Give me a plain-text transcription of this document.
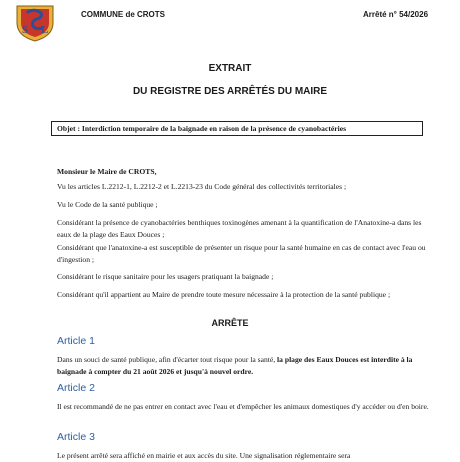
S L
COMMUNE de CROTS	Arrêté n° 54/2026
EXTRAIT
DU REGISTRE DES ARRÊTÉS DU MAIRE
Objet : Interdiction temporaire de la baignade en raison de la présence de cyanobactéries
Monsieur le Maire de CROTS,
Vu les articles L.2212-1, L.2212-2 et L.2213-23 du Code général des collectivités territoriales ;
Vu le Code de la santé publique ;
Considérant la présence de cyanobactéries benthiques toxinogènes amenant à la quantification de l'Anatoxine-a dans les eaux de la plage des Eaux Douces ;
Considérant que l'anatoxine-a est susceptible de présenter un risque pour la santé humaine en cas de contact avec l'eau ou d'ingestion ;
Considérant le risque sanitaire pour les usagers pratiquant la baignade ;
Considérant qu'il appartient au Maire de prendre toute mesure nécessaire à la protection de la santé publique ;
ARRÊTE
Article 1
Dans un souci de santé publique, afin d'écarter tout risque pour la santé, la plage des Eaux Douces est interdite à la baignade à compter du 21 août 2026 et jusqu'à nouvel ordre.
Article 2
Il est recommandé de ne pas entrer en contact avec l'eau et d'empêcher les animaux domestiques d'y accéder ou d'en boire.
Article 3
Le présent arrêté sera affiché en mairie et aux accès du site. Une signalisation réglementaire sera
